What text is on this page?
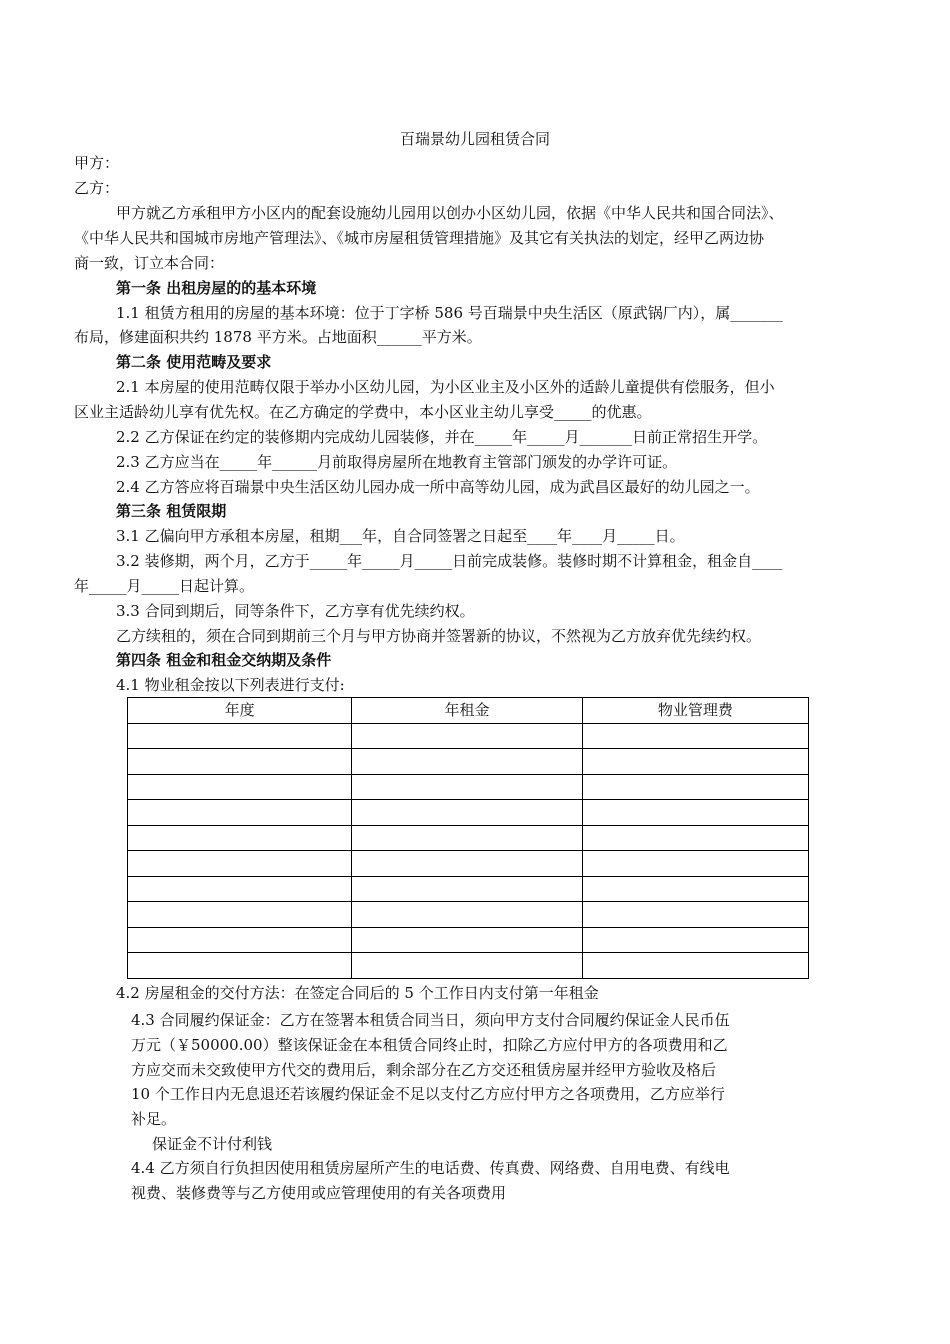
百瑞景幼儿园租赁合同
甲方：
乙方：
甲方就乙方承租甲方小区内的配套设施幼儿园用以创办小区幼儿园，依据《中华人民共和国合同法》、
《中华人民共和国城市房地产管理法》、《城市房屋租赁管理措施》及其它有关执法的划定，经甲乙两边协
商一致，订立本合同：
第一条 出租房屋的的基本环境
1.1 租赁方租用的房屋的基本环境：位于丁字桥 586 号百瑞景中央生活区（原武锅厂内），属_______
布局，修建面积共约 1878 平方米。占地面积______平方米。
第二条 使用范畴及要求
2.1 本房屋的使用范畴仅限于举办小区幼儿园，为小区业主及小区外的适龄儿童提供有偿服务，但小
区业主适龄幼儿享有优先权。在乙方确定的学费中，本小区业主幼儿享受_____的优惠。
2.2 乙方保证在约定的装修期内完成幼儿园装修，并在_____年_____月_______日前正常招生开学。
2.3 乙方应当在_____年______月前取得房屋所在地教育主管部门颁发的办学许可证。
2.4 乙方答应将百瑞景中央生活区幼儿园办成一所中高等幼儿园，成为武昌区最好的幼儿园之一。
第三条 租赁限期
3.1 乙偏向甲方承租本房屋，租期___年，自合同签署之日起至____年____月_____日。
3.2 装修期，两个月，乙方于_____年_____月_____日前完成装修。装修时期不计算租金，租金自____
年_____月_____日起计算。
3.3 合同到期后，同等条件下，乙方享有优先续约权。
乙方续租的，须在合同到期前三个月与甲方协商并签署新的协议，不然视为乙方放弃优先续约权。
第四条 租金和租金交纳期及条件
4.1 物业租金按以下列表进行支付:
年度	年租金	物业管理费

4.2 房屋租金的交付方法：在签定合同后的 5 个工作日内支付第一年租金
4.3 合同履约保证金：乙方在签署本租赁合同当日，须向甲方支付合同履约保证金人民币伍
万元（￥50000.00）整该保证金在本租赁合同终止时，扣除乙方应付甲方的各项费用和乙
方应交而未交致使甲方代交的费用后，剩余部分在乙方交还租赁房屋并经甲方验收及格后
10 个工作日内无息退还若该履约保证金不足以支付乙方应付甲方之各项费用，乙方应举行
补足。
保证金不计付利钱
4.4 乙方须自行负担因使用租赁房屋所产生的电话费、传真费、网络费、自用电费、有线电
视费、装修费等与乙方使用或应管理使用的有关各项费用
